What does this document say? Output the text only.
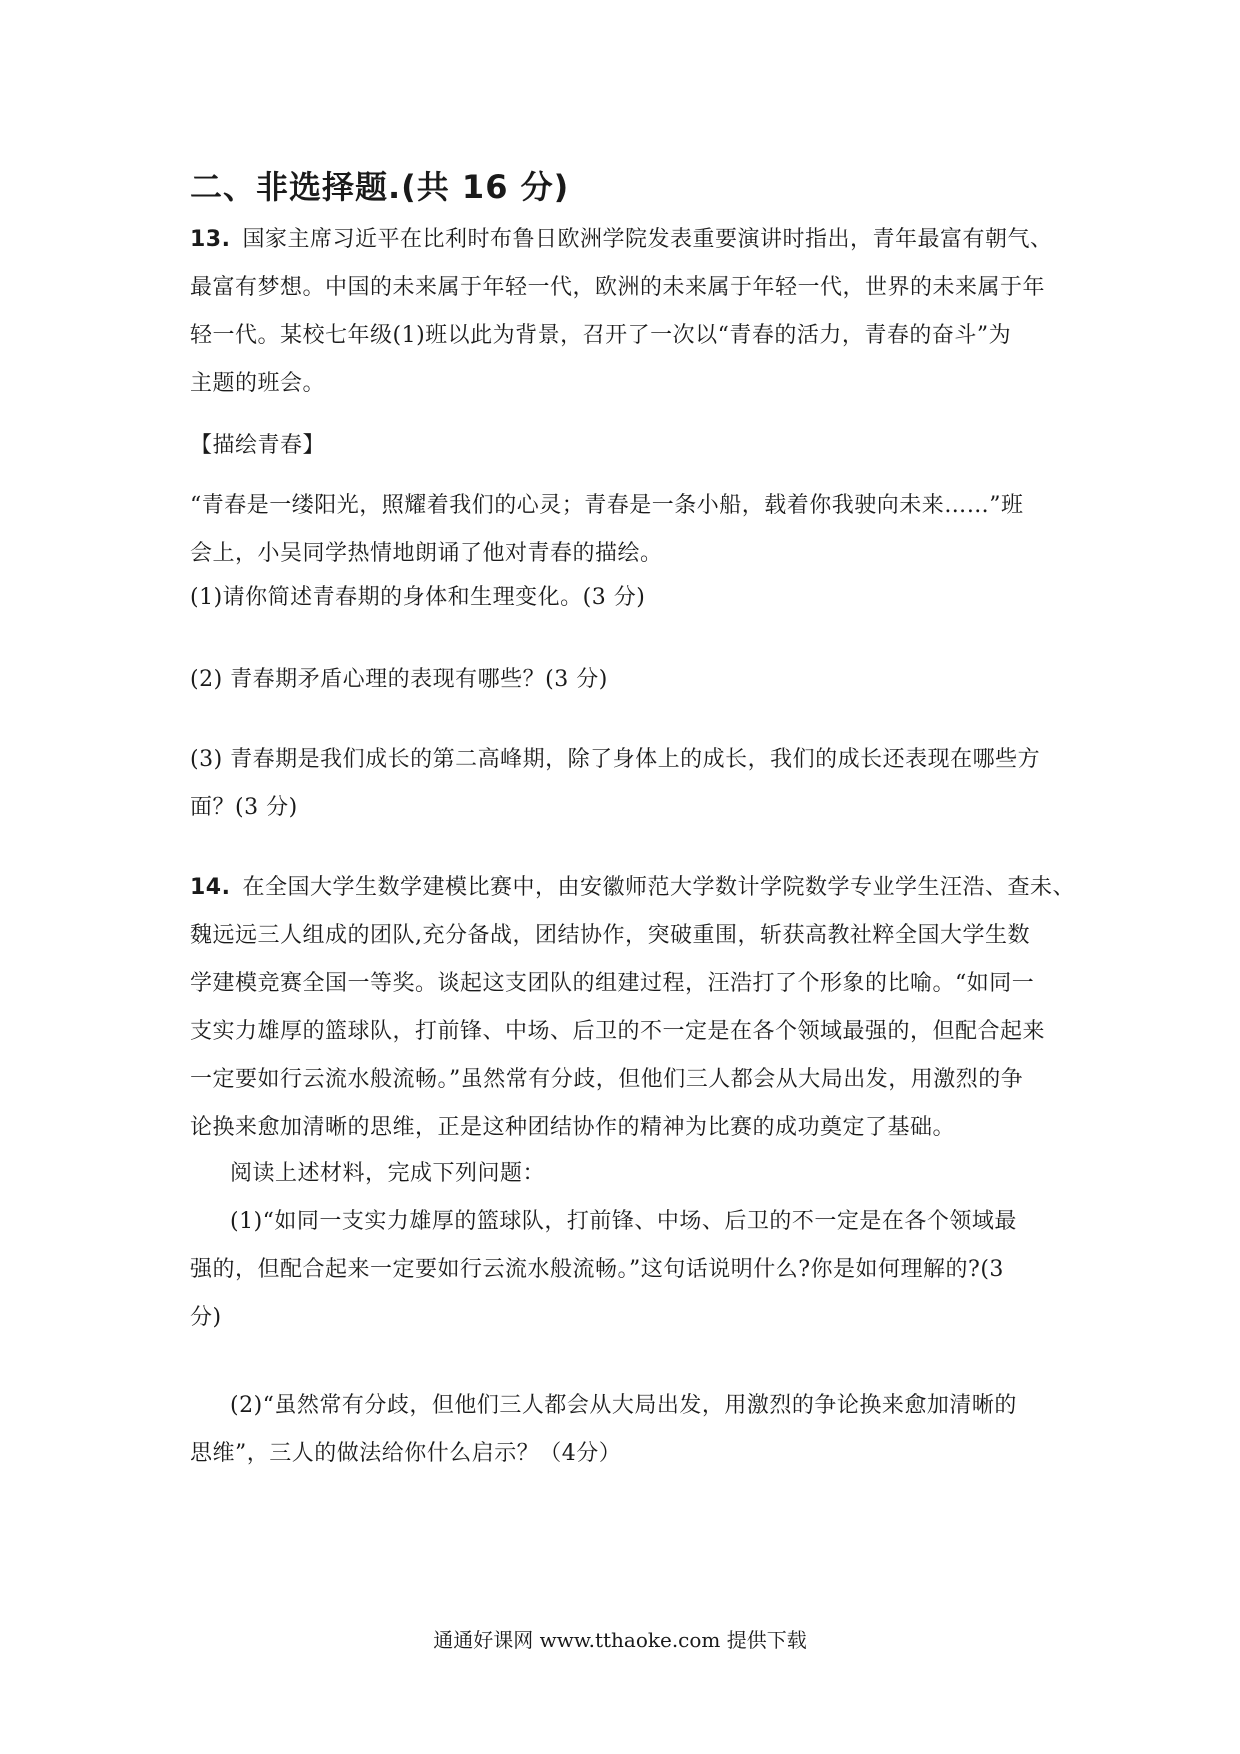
二、非选择题.(共 16 分)
13. 国家主席习近平在比利时布鲁日欧洲学院发表重要演讲时指出，青年最富有朝气、
最富有梦想。中国的未来属于年轻一代，欧洲的未来属于年轻一代，世界的未来属于年
轻一代。某校七年级(1)班以此为背景，召开了一次以“青春的活力，青春的奋斗”为
主题的班会。
【描绘青春】
“青春是一缕阳光，照耀着我们的心灵；青春是一条小船，载着你我驶向未来……”班
会上，小吴同学热情地朗诵了他对青春的描绘。
(1)请你简述青春期的身体和生理变化。(3 分)
(2) 青春期矛盾心理的表现有哪些？(3 分)
(3) 青春期是我们成长的第二高峰期，除了身体上的成长，我们的成长还表现在哪些方
面？(3 分)
14. 在全国大学生数学建模比赛中，由安徽师范大学数计学院数学专业学生汪浩、查未、
魏远远三人组成的团队,充分备战，团结协作，突破重围，斩获高教社粹全国大学生数
学建模竞赛全国一等奖。谈起这支团队的组建过程，汪浩打了个形象的比喻。“如同一
支实力雄厚的篮球队，打前锋、中场、后卫的不一定是在各个领域最强的，但配合起来
一定要如行云流水般流畅。”虽然常有分歧，但他们三人都会从大局出发，用激烈的争
论换来愈加清晰的思维，正是这种团结协作的精神为比赛的成功奠定了基础。
阅读上述材料，完成下列问题：
(1)“如同一支实力雄厚的篮球队，打前锋、中场、后卫的不一定是在各个领域最
强的，但配合起来一定要如行云流水般流畅。”这句话说明什么?你是如何理解的?(3
分)
(2)“虽然常有分歧，但他们三人都会从大局出发，用激烈的争论换来愈加清晰的
思维”，三人的做法给你什么启示？（4分）
通通好课网 www.tthaoke.com 提供下载
